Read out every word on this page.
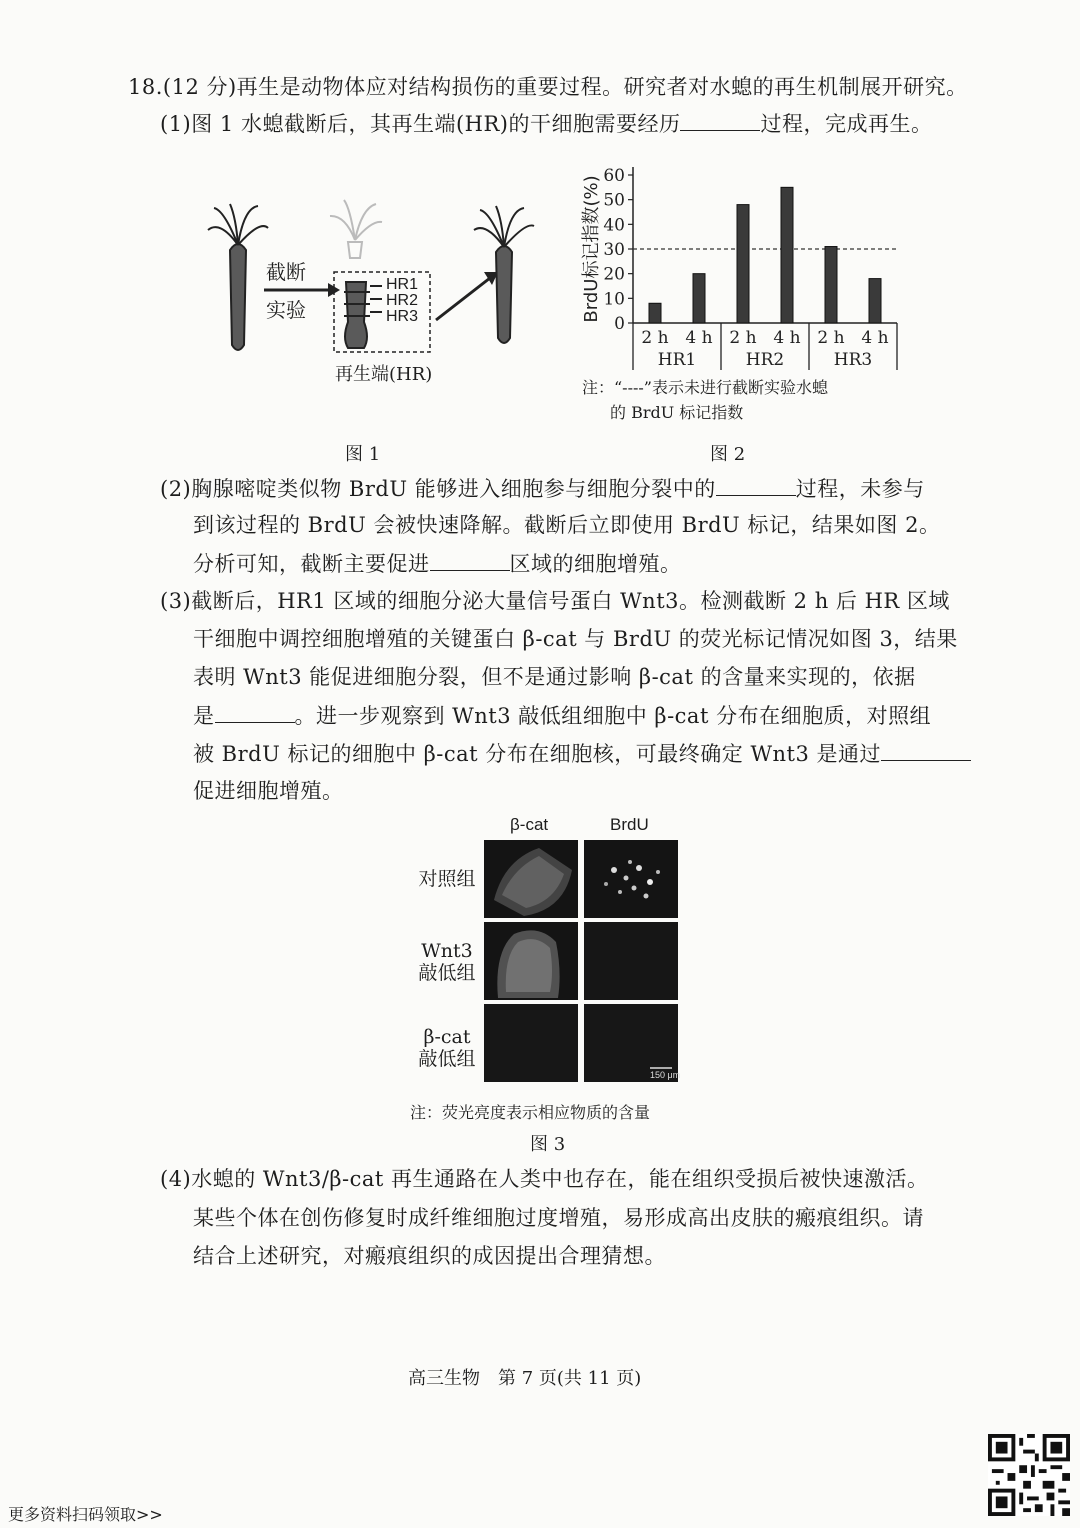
18.(12 分)再生是动物体应对结构损伤的重要过程。研究者对水螅的再生机制展开研究。
(1)图 1 水螅截断后，其再生端(HR)的干细胞需要经历	过程，完成再生。
截断
实验
HR1
HR2
HR3
再生端(HR)
图 1
0
10
20
30
40
50
60
BrdU标记指数(%)
2 h 4 h 2 h 4 h 2 h 4 h
HR1	HR2	HR3
注：“----”表示未进行截断实验水螅
的 BrdU 标记指数
图 2
(2)胸腺嘧啶类似物 BrdU 能够进入细胞参与细胞分裂中的	过程，未参与
到该过程的 BrdU 会被快速降解。截断后立即使用 BrdU 标记，结果如图 2。
分析可知，截断主要促进	区域的细胞增殖。
(3)截断后，HR1 区域的细胞分泌大量信号蛋白 Wnt3。检测截断 2 h 后 HR 区域
干细胞中调控细胞增殖的关键蛋白 β-cat 与 BrdU 的荧光标记情况如图 3，结果
表明 Wnt3 能促进细胞分裂，但不是通过影响 β-cat 的含量来实现的，依据
是	。进一步观察到 Wnt3 敲低组细胞中 β-cat 分布在细胞质，对照组
被 BrdU 标记的细胞中 β-cat 分布在细胞核，可最终确定 Wnt3 是通过
促进细胞增殖。
β-cat	BrdU
对照组
Wnt3
敲低组
β-cat
敲低组
150 μm
注：荧光亮度表示相应物质的含量
图 3
(4)水螅的 Wnt3/β-cat 再生通路在人类中也存在，能在组织受损后被快速激活。
某些个体在创伤修复时成纤维细胞过度增殖，易形成高出皮肤的瘢痕组织。请
结合上述研究，对瘢痕组织的成因提出合理猜想。
高三生物　第 7 页(共 11 页)
更多资料扫码领取>>
